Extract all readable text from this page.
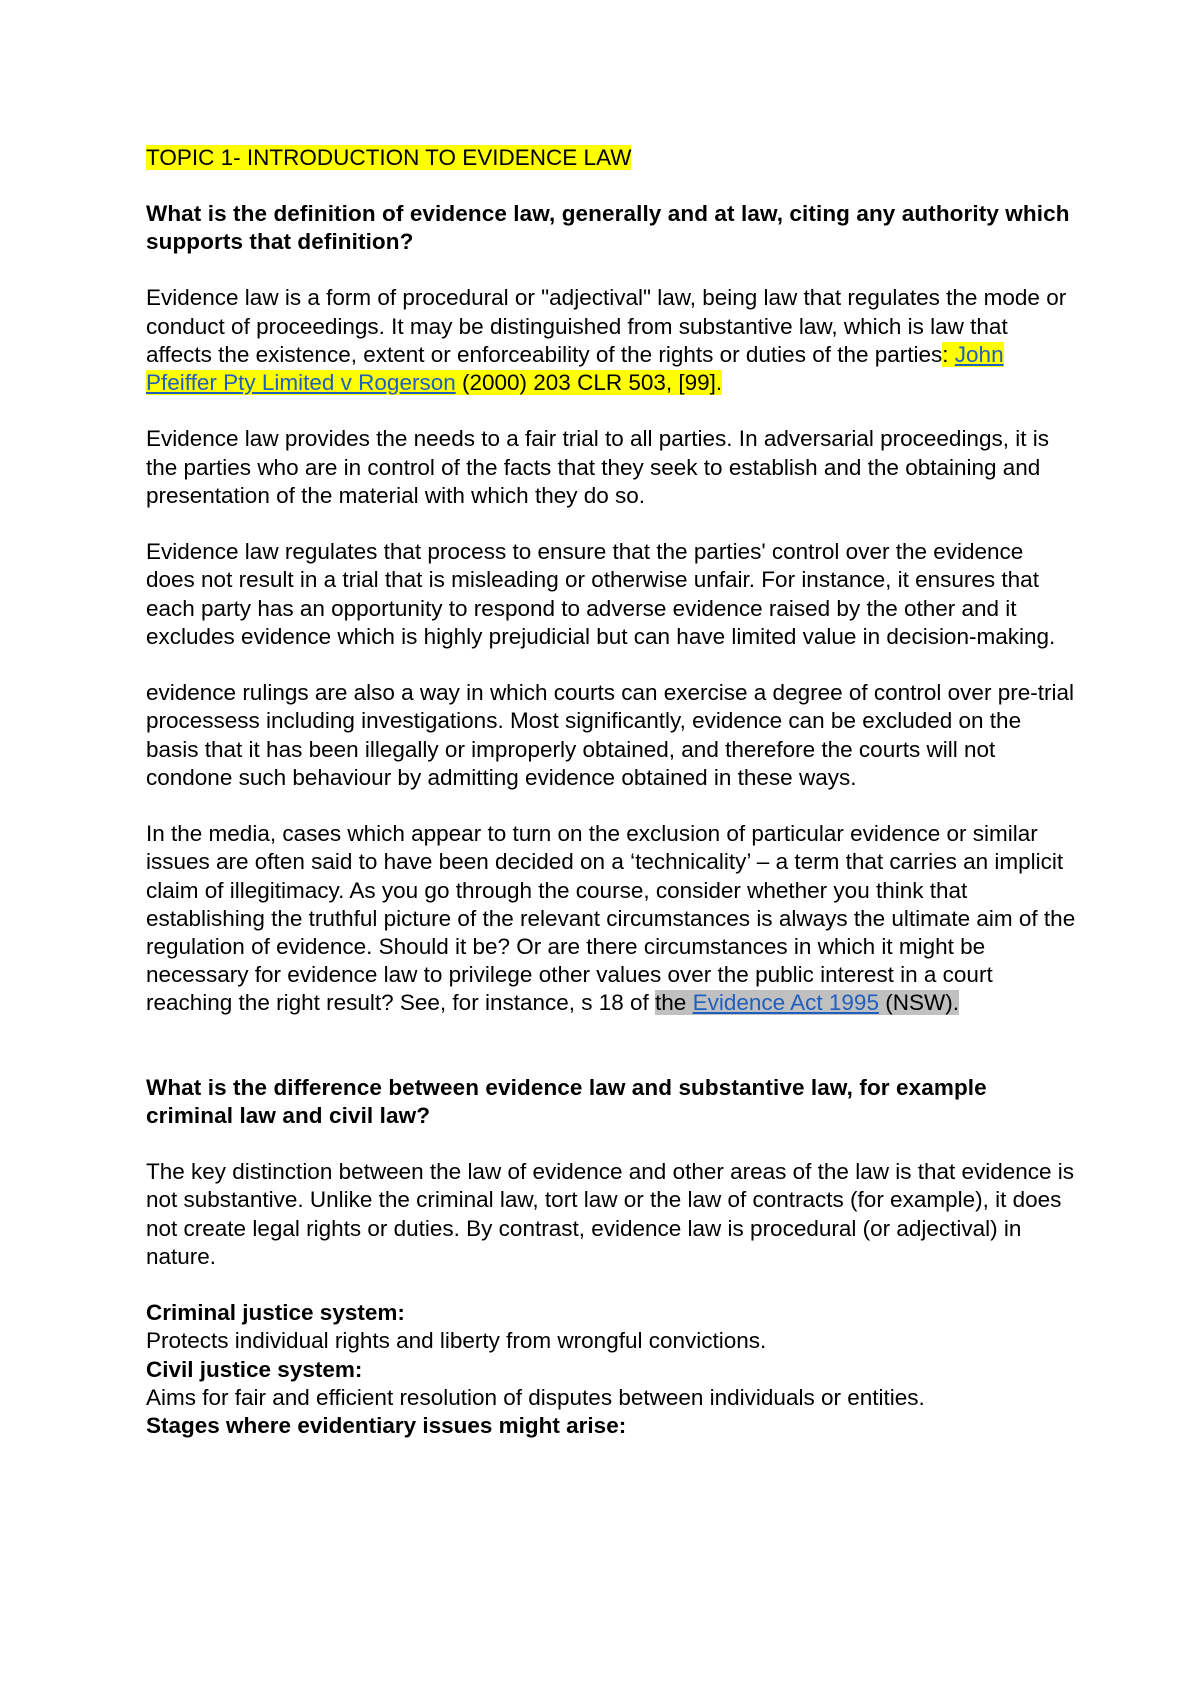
TOPIC 1- INTRODUCTION TO EVIDENCE LAW
What is the definition of evidence law, generally and at law, citing any authority which supports that definition?

Evidence law is a form of procedural or "adjectival" law, being law that regulates the mode or conduct of proceedings. It may be distinguished from substantive law, which is law that affects the existence, extent or enforceability of the rights or duties of the parties: John Pfeiffer Pty Limited v Rogerson (2000) 203 CLR 503, [99].

Evidence law provides the needs to a fair trial to all parties. In adversarial proceedings, it is the parties who are in control of the facts that they seek to establish and the obtaining and presentation of the material with which they do so.

Evidence law regulates that process to ensure that the parties' control over the evidence does not result in a trial that is misleading or otherwise unfair. For instance, it ensures that each party has an opportunity to respond to adverse evidence raised by the other and it excludes evidence which is highly prejudicial but can have limited value in decision-making.

evidence rulings are also a way in which courts can exercise a degree of control over pre-trial processess including investigations. Most significantly, evidence can be excluded on the basis that it has been illegally or improperly obtained, and therefore the courts will not condone such behaviour by admitting evidence obtained in these ways.

In the media, cases which appear to turn on the exclusion of particular evidence or similar issues are often said to have been decided on a ‘technicality’ – a term that carries an implicit claim of illegitimacy. As you go through the course, consider whether you think that establishing the truthful picture of the relevant circumstances is always the ultimate aim of the regulation of evidence. Should it be? Or are there circumstances in which it might be necessary for evidence law to privilege other values over the public interest in a court reaching the right result? See, for instance, s 18 of the Evidence Act 1995 (NSW).

What is the difference between evidence law and substantive law, for example criminal law and civil law?

The key distinction between the law of evidence and other areas of the law is that evidence is not substantive. Unlike the criminal law, tort law or the law of contracts (for example), it does not create legal rights or duties. By contrast, evidence law is procedural (or adjectival) in nature.

Criminal justice system:
Protects individual rights and liberty from wrongful convictions.
Civil justice system:
Aims for fair and efficient resolution of disputes between individuals or entities.
Stages where evidentiary issues might arise:
